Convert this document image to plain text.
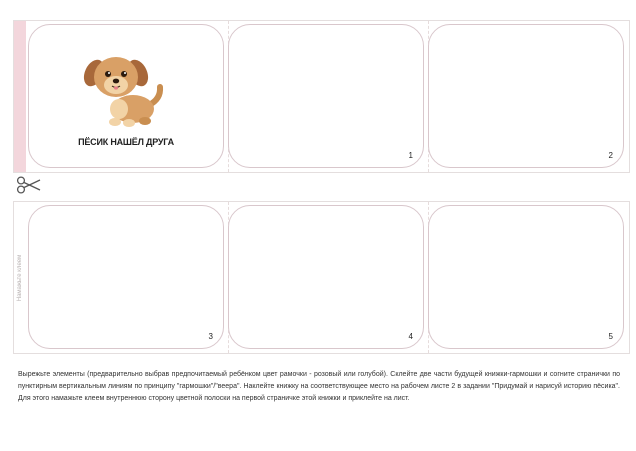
ПЁСИК НАШЁЛ ДРУГА
1	2
Намажьте клеем
3	4	5

Вырежьте элементы (предварительно выбрав предпочитаемый ребёнком цвет рамочки - розовый или голубой). Склейте две части будущей книжки-гармошки и согните странички по пунктирным вертикальным линиям по принципу "гармошки"/"веера". Наклейте книжку на соответствующее место на рабочем листе 2 в задании "Придумай и нарисуй историю пёсика". Для этого намажьте клеем внутреннюю сторону цветной полоски на первой страничке этой книжки и приклейте на лист.
